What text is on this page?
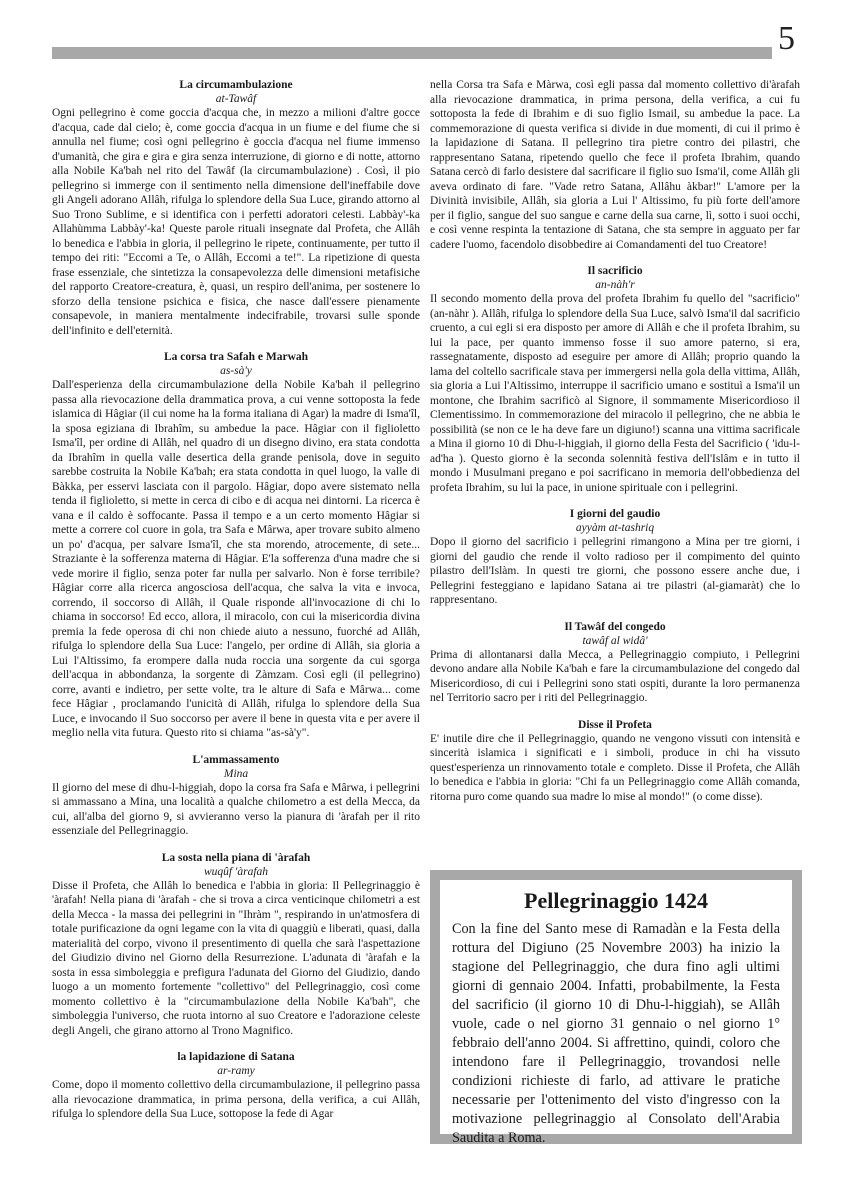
5
La circumambulazione
at-Tawâf

Ogni pellegrino è come goccia d'acqua che, in mezzo a milioni d'altre gocce d'acqua, cade dal cielo; è, come goccia d'acqua in un fiume e del fiume che si annulla nel fiume; così ogni pellegrino è goccia d'acqua nel fiume immenso d'umanità, che gira e gira e gira senza interruzione, di giorno e di notte, attorno alla Nobile Ka'bah nel rito del Tawâf (la circumambulazione) . Così, il pio pellegrino si immerge con il sentimento nella dimensione dell'ineffabile dove gli Angeli adorano Allâh, rifulga lo splendore della Sua Luce, girando attorno al Suo Trono Sublime, e si identifica con i perfetti adoratori celesti. Labbày'-ka Allahùmma Labbày'-ka! Queste parole rituali insegnate dal Profeta, che Allâh lo benedica e l'abbia in gloria, il pellegrino le ripete, continuamente, per tutto il tempo dei riti: "Eccomi a Te, o Allâh, Eccomi a te!". La ripetizione di questa frase essenziale, che sintetizza la consapevolezza delle dimensioni metafisiche del rapporto Creatore-creatura, è, quasi, un respiro dell'anima, per sostenere lo sforzo della tensione psichica e fisica, che nasce dall'essere pienamente consapevole, in maniera mentalmente indecifrabile, trovarsi sulle sponde dell'infinito e dell'eternità.

La corsa tra Safah e Marwah
as-sà'y

Dall'esperienza della circumambulazione della Nobile Ka'bah il pellegrino passa alla rievocazione della drammatica prova, a cui venne sottoposta la fede islamica di Hâgiar (il cui nome ha la forma italiana di Agar) la madre di Isma'îl, la sposa egiziana di Ibrahîm, su ambedue la pace. Hâgiar con il figlioletto Isma'îl, per ordine di Allâh, nel quadro di un disegno divino, era stata condotta da Ibrahîm in quella valle desertica della grande penisola, dove in seguito sarebbe costruita la Nobile Ka'bah; era stata condotta in quel luogo, la valle di Bàkka, per esservi lasciata con il pargolo. Hâgiar, dopo avere sistemato nella tenda il figlioletto, si mette in cerca di cibo e di acqua nei dintorni. La ricerca è vana e il caldo è soffocante. Passa il tempo e a un certo momento Hâgiar si mette a correre col cuore in gola, tra Safa e Mârwa, aper trovare subito almeno un po' d'acqua, per salvare Isma'îl, che sta morendo, atrocemente, di sete... Straziante è la sofferenza materna di Hâgiar. E'la sofferenza d'una madre che si vede morire il figlio, senza poter far nulla per salvarlo. Non è forse terribile? Hâgiar corre alla ricerca angosciosa dell'acqua, che salva la vita e invoca, correndo, il soccorso di Allâh, il Quale risponde all'invocazione di chi lo chiama in soccorso! Ed ecco, allora, il miracolo, con cui la misericordia divina premia la fede operosa di chi non chiede aiuto a nessuno, fuorché ad Allâh, rifulga lo splendore della Sua Luce: l'angelo, per ordine di Allâh, sia gloria a Lui l'Altissimo, fa erompere dalla nuda roccia una sorgente da cui sgorga dell'acqua in abbondanza, la sorgente di Zàmzam. Così egli (il pellegrino) corre, avanti e indietro, per sette volte, tra le alture di Safa e Mârwa... come fece Hâgiar , proclamando l'unicità di Allâh, rifulga lo splendore della Sua Luce, e invocando il Suo soccorso per avere il bene in questa vita e per avere il meglio nella vita futura. Questo rito si chiama "as-sà'y".

L'ammassamento
Mina

Il giorno del mese di dhu-l-higgiah, dopo la corsa fra Safa e Mârwa, i pellegrini si ammassano a Mina, una località a qualche chilometro a est della Mecca, da cui, all'alba del giorno 9, si avvieranno verso la pianura di 'àrafah per il rito essenziale del Pellegrinaggio.

La sosta nella piana di 'àrafah
wuqûf 'àrafah

Disse il Profeta, che Allâh lo benedica e l'abbia in gloria: Il Pellegrinaggio è 'àrafah! Nella piana di 'àrafah - che si trova a circa venticinque chilometri a est della Mecca - la massa dei pellegrini in "Ihràm ", respirando in un'atmosfera di totale purificazione da ogni legame con la vita di quaggiù e liberati, quasi, dalla materialità del corpo, vivono il presentimento di quella che sarà l'aspettazione del Giudizio divino nel Giorno della Resurrezione. L'adunata di 'àrafah e la sosta in essa simboleggia e prefigura l'adunata del Giorno del Giudizio, dando luogo a un momento fortemente "collettivo" del Pellegrinaggio, così come momento collettivo è la "circumambulazione della Nobile Ka'bah", che simboleggia l'universo, che ruota intorno al suo Creatore e l'adorazione celeste degli Angeli, che girano attorno al Trono Magnifico.

la lapidazione di Satana
ar-ramy

Come, dopo il momento collettivo della circumambulazione, il pellegrino passa alla rievocazione drammatica, in prima persona, della verifica, a cui Allâh, rifulga lo splendore della Sua Luce, sottopose la fede di Agar

nella Corsa tra Safa e Màrwa, così egli passa dal momento collettivo di'àrafah alla rievocazione drammatica, in prima persona, della verifica, a cui fu sottoposta la fede di Ibrahim e di suo figlio Ismail, su ambedue la pace. La commemorazione di questa verifica si divide in due momenti, di cui il primo è la lapidazione di Satana. Il pellegrino tira pietre contro dei pilastri, che rappresentano Satana, ripetendo quello che fece il profeta Ibrahim, quando Satana cercò di farlo desistere dal sacrificare il figlio suo Isma'il, come Allâh gli aveva ordinato di fare. "Vade retro Satana, Allâhu àkbar!" L'amore per la Divinità invisibile, Allâh, sia gloria a Lui l' Altissimo, fu più forte dell'amore per il figlio, sangue del suo sangue e carne della sua carne, lì, sotto i suoi occhi, e così venne respinta la tentazione di Satana, che sta sempre in agguato per far cadere l'uomo, facendolo disobbedire ai Comandamenti del tuo Creatore!

Il sacrificio
an-nàh'r

Il secondo momento della prova del profeta Ibrahim fu quello del "sacrificio" (an-nàhr ). Allâh, rifulga lo splendore della Sua Luce, salvò Isma'il dal sacrificio cruento, a cui egli si era disposto per amore di Allâh e che il profeta Ibrahim, su lui la pace, per quanto immenso fosse il suo amore paterno, si era, rassegnatamente, disposto ad eseguire per amore di Allâh; proprio quando la lama del coltello sacrificale stava per immergersi nella gola della vittima, Allâh, sia gloria a Lui l'Altissimo, interruppe il sacrificio umano e sostituì a Isma'il un montone, che Ibrahim sacrificò al Signore, il sommamente Misericordioso il Clementissimo. In commemorazione del miracolo il pellegrino, che ne abbia le possibilità (se non ce le ha deve fare un digiuno!) scanna una vittima sacrificale a Mina il giorno 10 di Dhu-l-higgiah, il giorno della Festa del Sacrificio ( 'idu-l-ad'ha ). Questo giorno è la seconda solennità festiva dell'Islâm e in tutto il mondo i Musulmani pregano e poi sacrificano in memoria dell'obbedienza del profeta Ibrahim, su lui la pace, in unione spirituale con i pellegrini.

I giorni del gaudio
ayyàm at-tashriq

Dopo il giorno del sacrificio i pellegrini rimangono a Mina per tre giorni, i giorni del gaudio che rende il volto radioso per il compimento del quinto pilastro dell'Islàm. In questi tre giorni, che possono essere anche due, i Pellegrini festeggiano e lapidano Satana ai tre pilastri (al-giamaràt) che lo rappresentano.

Il Tawâf del congedo
tawâf al widâ'

Prima di allontanarsi dalla Mecca, a Pellegrinaggio compiuto, i Pellegrini devono andare alla Nobile Ka'bah e fare la circumambulazione del congedo dal Misericordioso, di cui i Pellegrini sono stati ospiti, durante la loro permanenza nel Territorio sacro per i riti del Pellegrinaggio.

Disse il Profeta

E' inutile dire che il Pellegrinaggio, quando ne vengono vissuti con intensità e sincerità islamica i significati e i simboli, produce in chi ha vissuto quest'esperienza un rinnovamento totale e completo. Disse il Profeta, che Allâh lo benedica e l'abbia in gloria: "Chi fa un Pellegrinaggio come Allâh comanda, ritorna puro come quando sua madre lo mise al mondo!" (o come disse).

Pellegrinaggio 1424

Con la fine del Santo mese di Ramadàn e la Festa della rottura del Digiuno (25 Novembre 2003) ha inizio la stagione del Pellegrinaggio, che dura fino agli ultimi giorni di gennaio 2004. Infatti, probabilmente, la Festa del sacrificio (il giorno 10 di Dhu-l-higgiah), se Allâh vuole, cade o nel giorno 31 gennaio o nel giorno 1° febbraio dell'anno 2004. Si affrettino, quindi, coloro che intendono fare il Pellegrinaggio, trovandosi nelle condizioni richieste di farlo, ad attivare le pratiche necessarie per l'ottenimento del visto d'ingresso con la motivazione pellegrinaggio al Consolato dell'Arabia Saudita a Roma.
